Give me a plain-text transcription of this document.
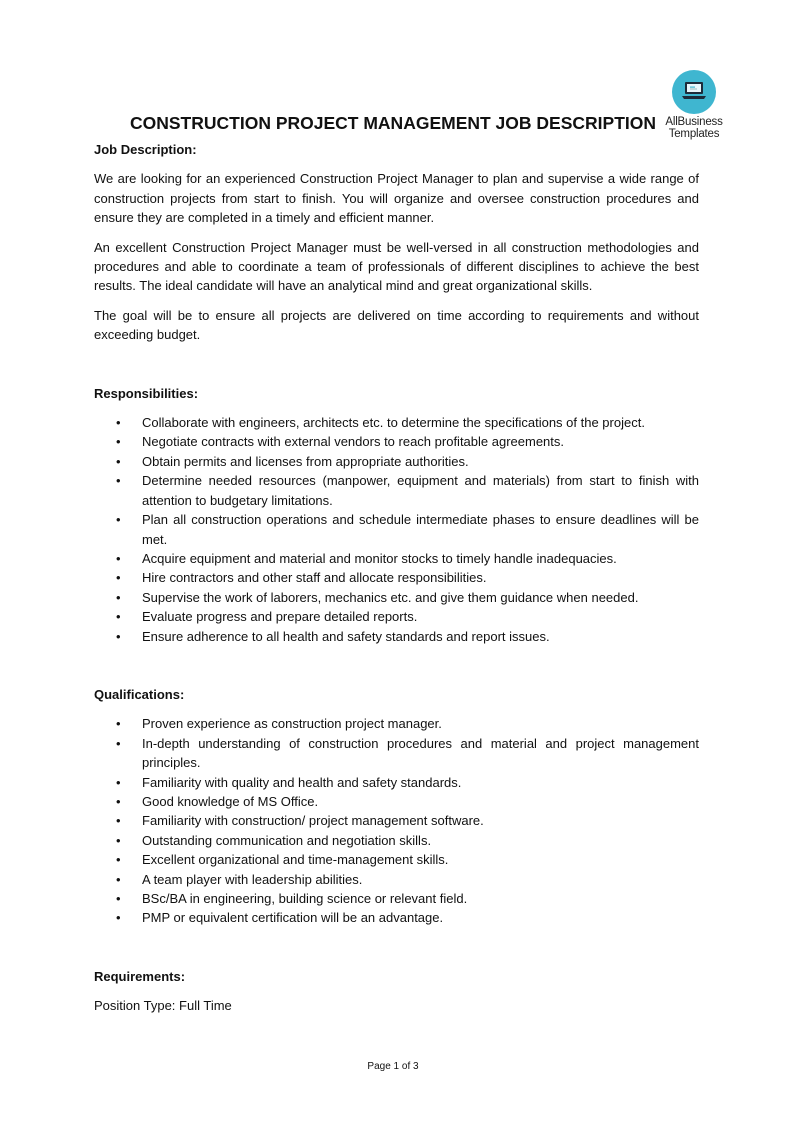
AllBusiness
Templates
CONSTRUCTION PROJECT MANAGEMENT JOB DESCRIPTION
Job Description:

We are looking for an experienced Construction Project Manager to plan and supervise a wide range of construction projects from start to finish. You will organize and oversee construction procedures and ensure they are completed in a timely and efficient manner.

An excellent Construction Project Manager must be well-versed in all construction methodologies and procedures and able to coordinate a team of professionals of different disciplines to achieve the best results. The ideal candidate will have an analytical mind and great organizational skills.

The goal will be to ensure all projects are delivered on time according to requirements and without exceeding budget.

Responsibilities:
• Collaborate with engineers, architects etc. to determine the specifications of the project.
• Negotiate contracts with external vendors to reach profitable agreements.
• Obtain permits and licenses from appropriate authorities.
• Determine needed resources (manpower, equipment and materials) from start to finish with attention to budgetary limitations.
• Plan all construction operations and schedule intermediate phases to ensure deadlines will be met.
• Acquire equipment and material and monitor stocks to timely handle inadequacies.
• Hire contractors and other staff and allocate responsibilities.
• Supervise the work of laborers, mechanics etc. and give them guidance when needed.
• Evaluate progress and prepare detailed reports.
• Ensure adherence to all health and safety standards and report issues.
Qualifications:
• Proven experience as construction project manager.
• In-depth understanding of construction procedures and material and project management principles.
• Familiarity with quality and health and safety standards.
• Good knowledge of MS Office.
• Familiarity with construction/ project management software.
• Outstanding communication and negotiation skills.
• Excellent organizational and time-management skills.
• A team player with leadership abilities.
• BSc/BA in engineering, building science or relevant field.
• PMP or equivalent certification will be an advantage.
Requirements:

Position Type: Full Time

Page 1 of 3
